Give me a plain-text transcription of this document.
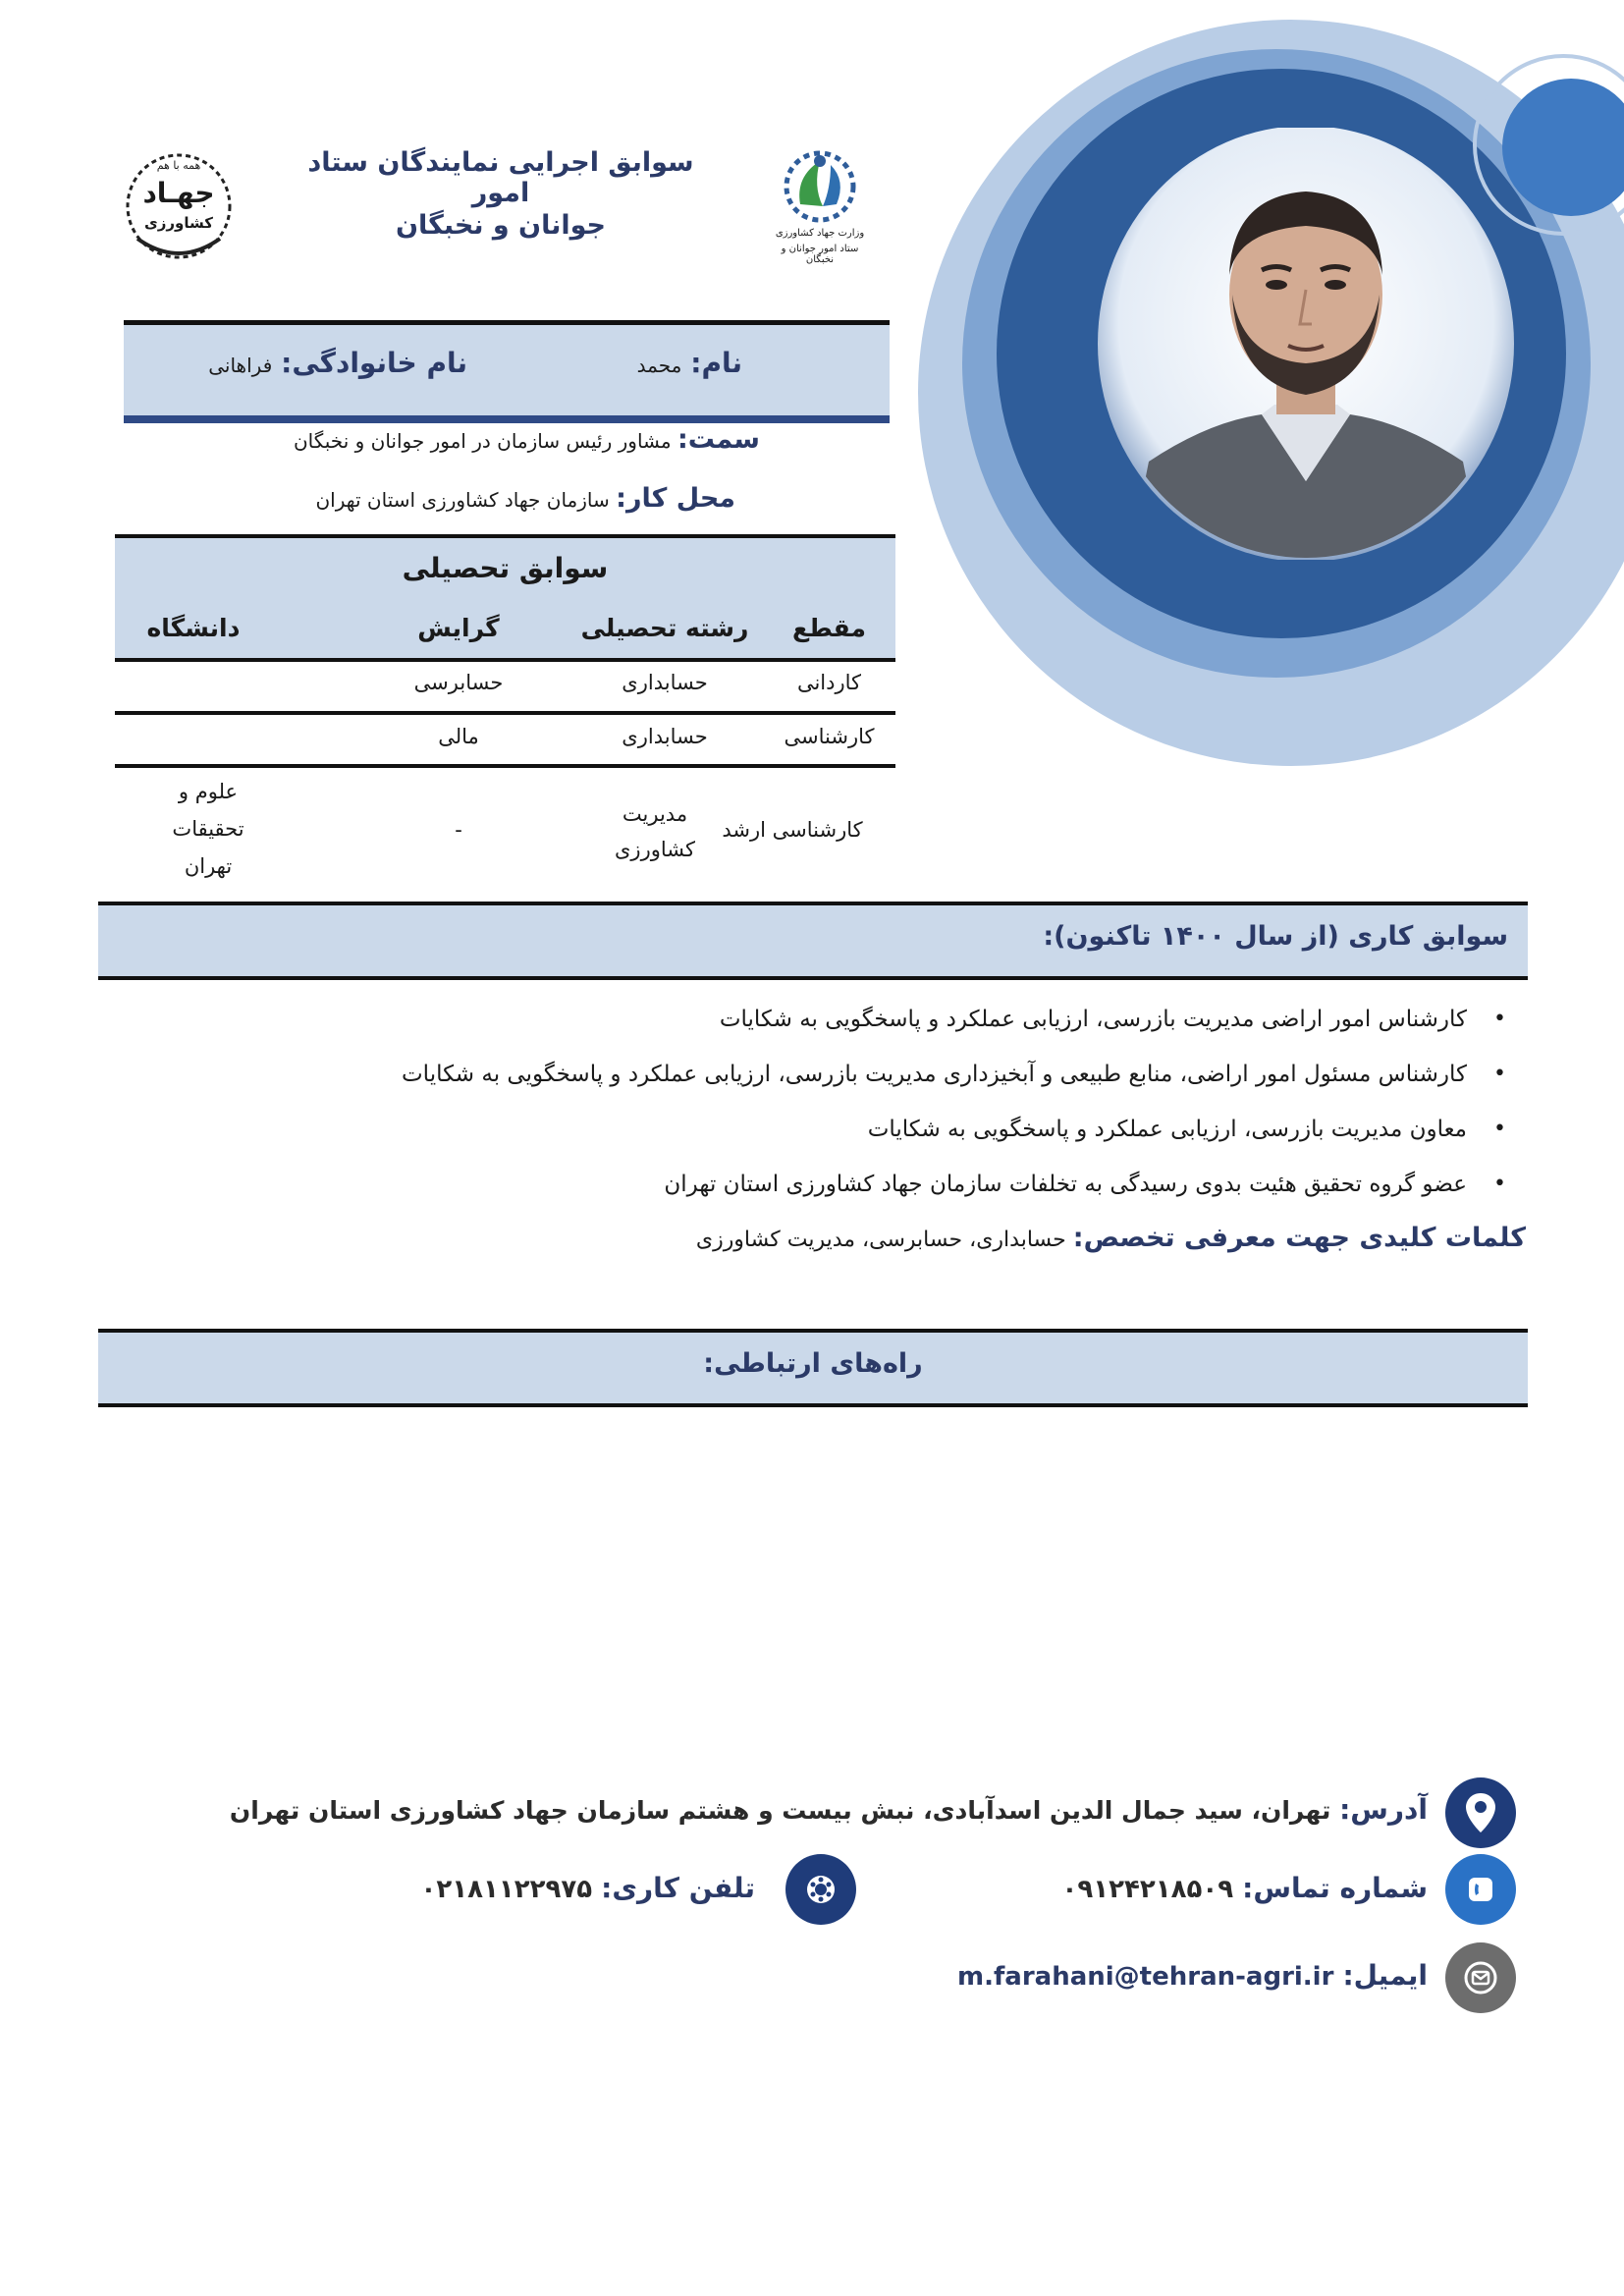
سوابق اجرایی نمایندگان ستاد امور
جوانان و نخبگان
همه با هم
جهـاد
کشاورزی
وزارت جهاد کشاورزی
ستاد امور جوانان و نخبگان
نام: محمد
نام خانوادگی: فراهانی
سمت: مشاور رئیس سازمان در امور جوانان و نخبگان
محل کار: سازمان جهاد کشاورزی استان تهران
سوابق تحصیلی
مقطع
رشته تحصیلی
گرایش
دانشگاه
کاردانی
حسابداری
حسابرسی
کارشناسی
حسابداری
مالی
کارشناسی ارشد
مدیریت کشاورزی
-
علوم و تحقیقات تهران
سوابق کاری (از سال ۱۴۰۰ تاکنون):
• کارشناس امور اراضی مدیریت بازرسی، ارزیابی عملکرد و پاسخگویی به شکایات
• کارشناس مسئول امور اراضی، منابع طبیعی و آبخیزداری مدیریت بازرسی، ارزیابی عملکرد و پاسخگویی به شکایات
• معاون مدیریت بازرسی، ارزیابی عملکرد و پاسخگویی به شکایات
• عضو گروه تحقیق هئیت بدوی رسیدگی به تخلفات سازمان جهاد کشاورزی استان تهران
کلمات کلیدی جهت معرفی تخصص: حسابداری، حسابرسی، مدیریت کشاورزی
راه‌های ارتباطی:
آدرس: تهران، سید جمال الدین اسدآبادی، نبش بیست و هشتم سازمان جهاد کشاورزی استان تهران
شماره تماس: ۰۹۱۲۴۲۱۸۵۰۹
تلفن کاری: ۰۲۱۸۱۱۲۲۹۷۵
ایمیل: m.farahani@tehran-agri.ir
